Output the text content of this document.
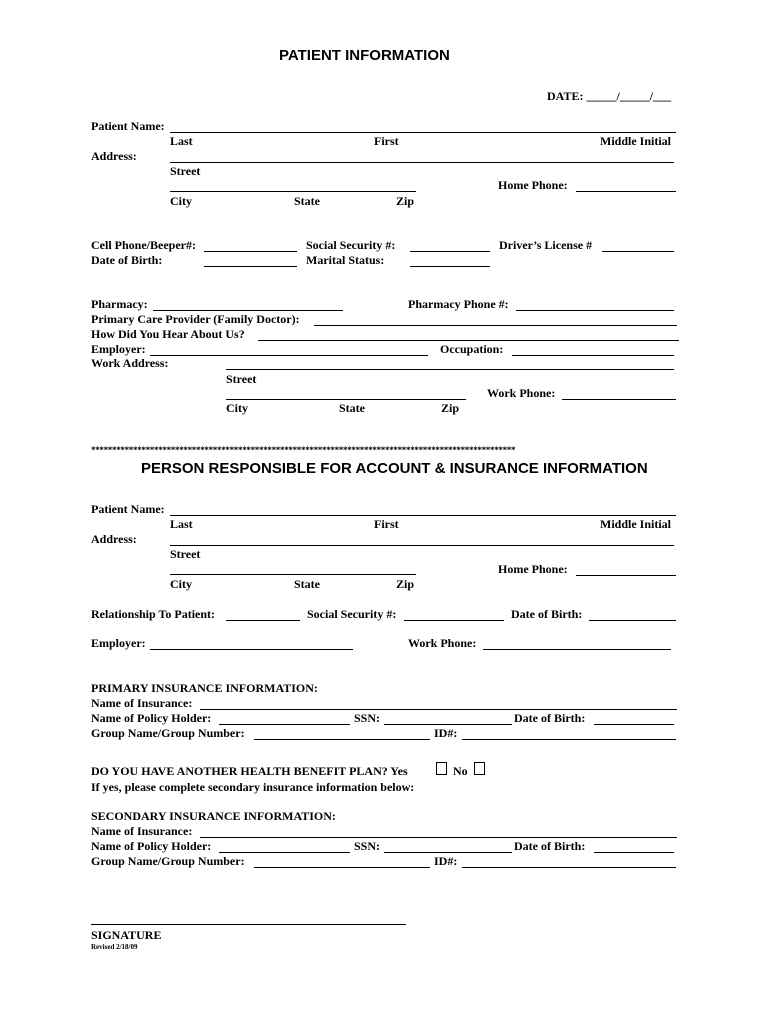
PATIENT INFORMATION
DATE: _____/_____/___
Patient Name:
Last	First	Middle Initial
Address:
Street
Home Phone:
City	State	Zip
Cell Phone/Beeper#:	Social Security #:	Driver’s License #
Date of Birth:	Marital Status:
Pharmacy:	Pharmacy Phone #:
Primary Care Provider (Family Doctor):
How Did You Hear About Us?
Employer:	Occupation:
Work Address:
Street
Work Phone:
City	State	Zip
*****************************************************************************************************
PERSON RESPONSIBLE FOR ACCOUNT & INSURANCE INFORMATION
Patient Name:
Last	First	Middle Initial
Address:
Street
Home Phone:
City	State	Zip
Relationship To Patient:	Social Security #:	Date of Birth:
Employer:	Work Phone:
PRIMARY INSURANCE INFORMATION:
Name of Insurance:
Name of Policy Holder:	SSN:	Date of Birth:
Group Name/Group Number:	ID#:
DO YOU HAVE ANOTHER HEALTH BENEFIT PLAN? Yes	No
If yes, please complete secondary insurance information below:
SECONDARY INSURANCE INFORMATION:
Name of Insurance:
Name of Policy Holder:	SSN:	Date of Birth:
Group Name/Group Number:	ID#:
SIGNATURE
Revised 2/18/09
